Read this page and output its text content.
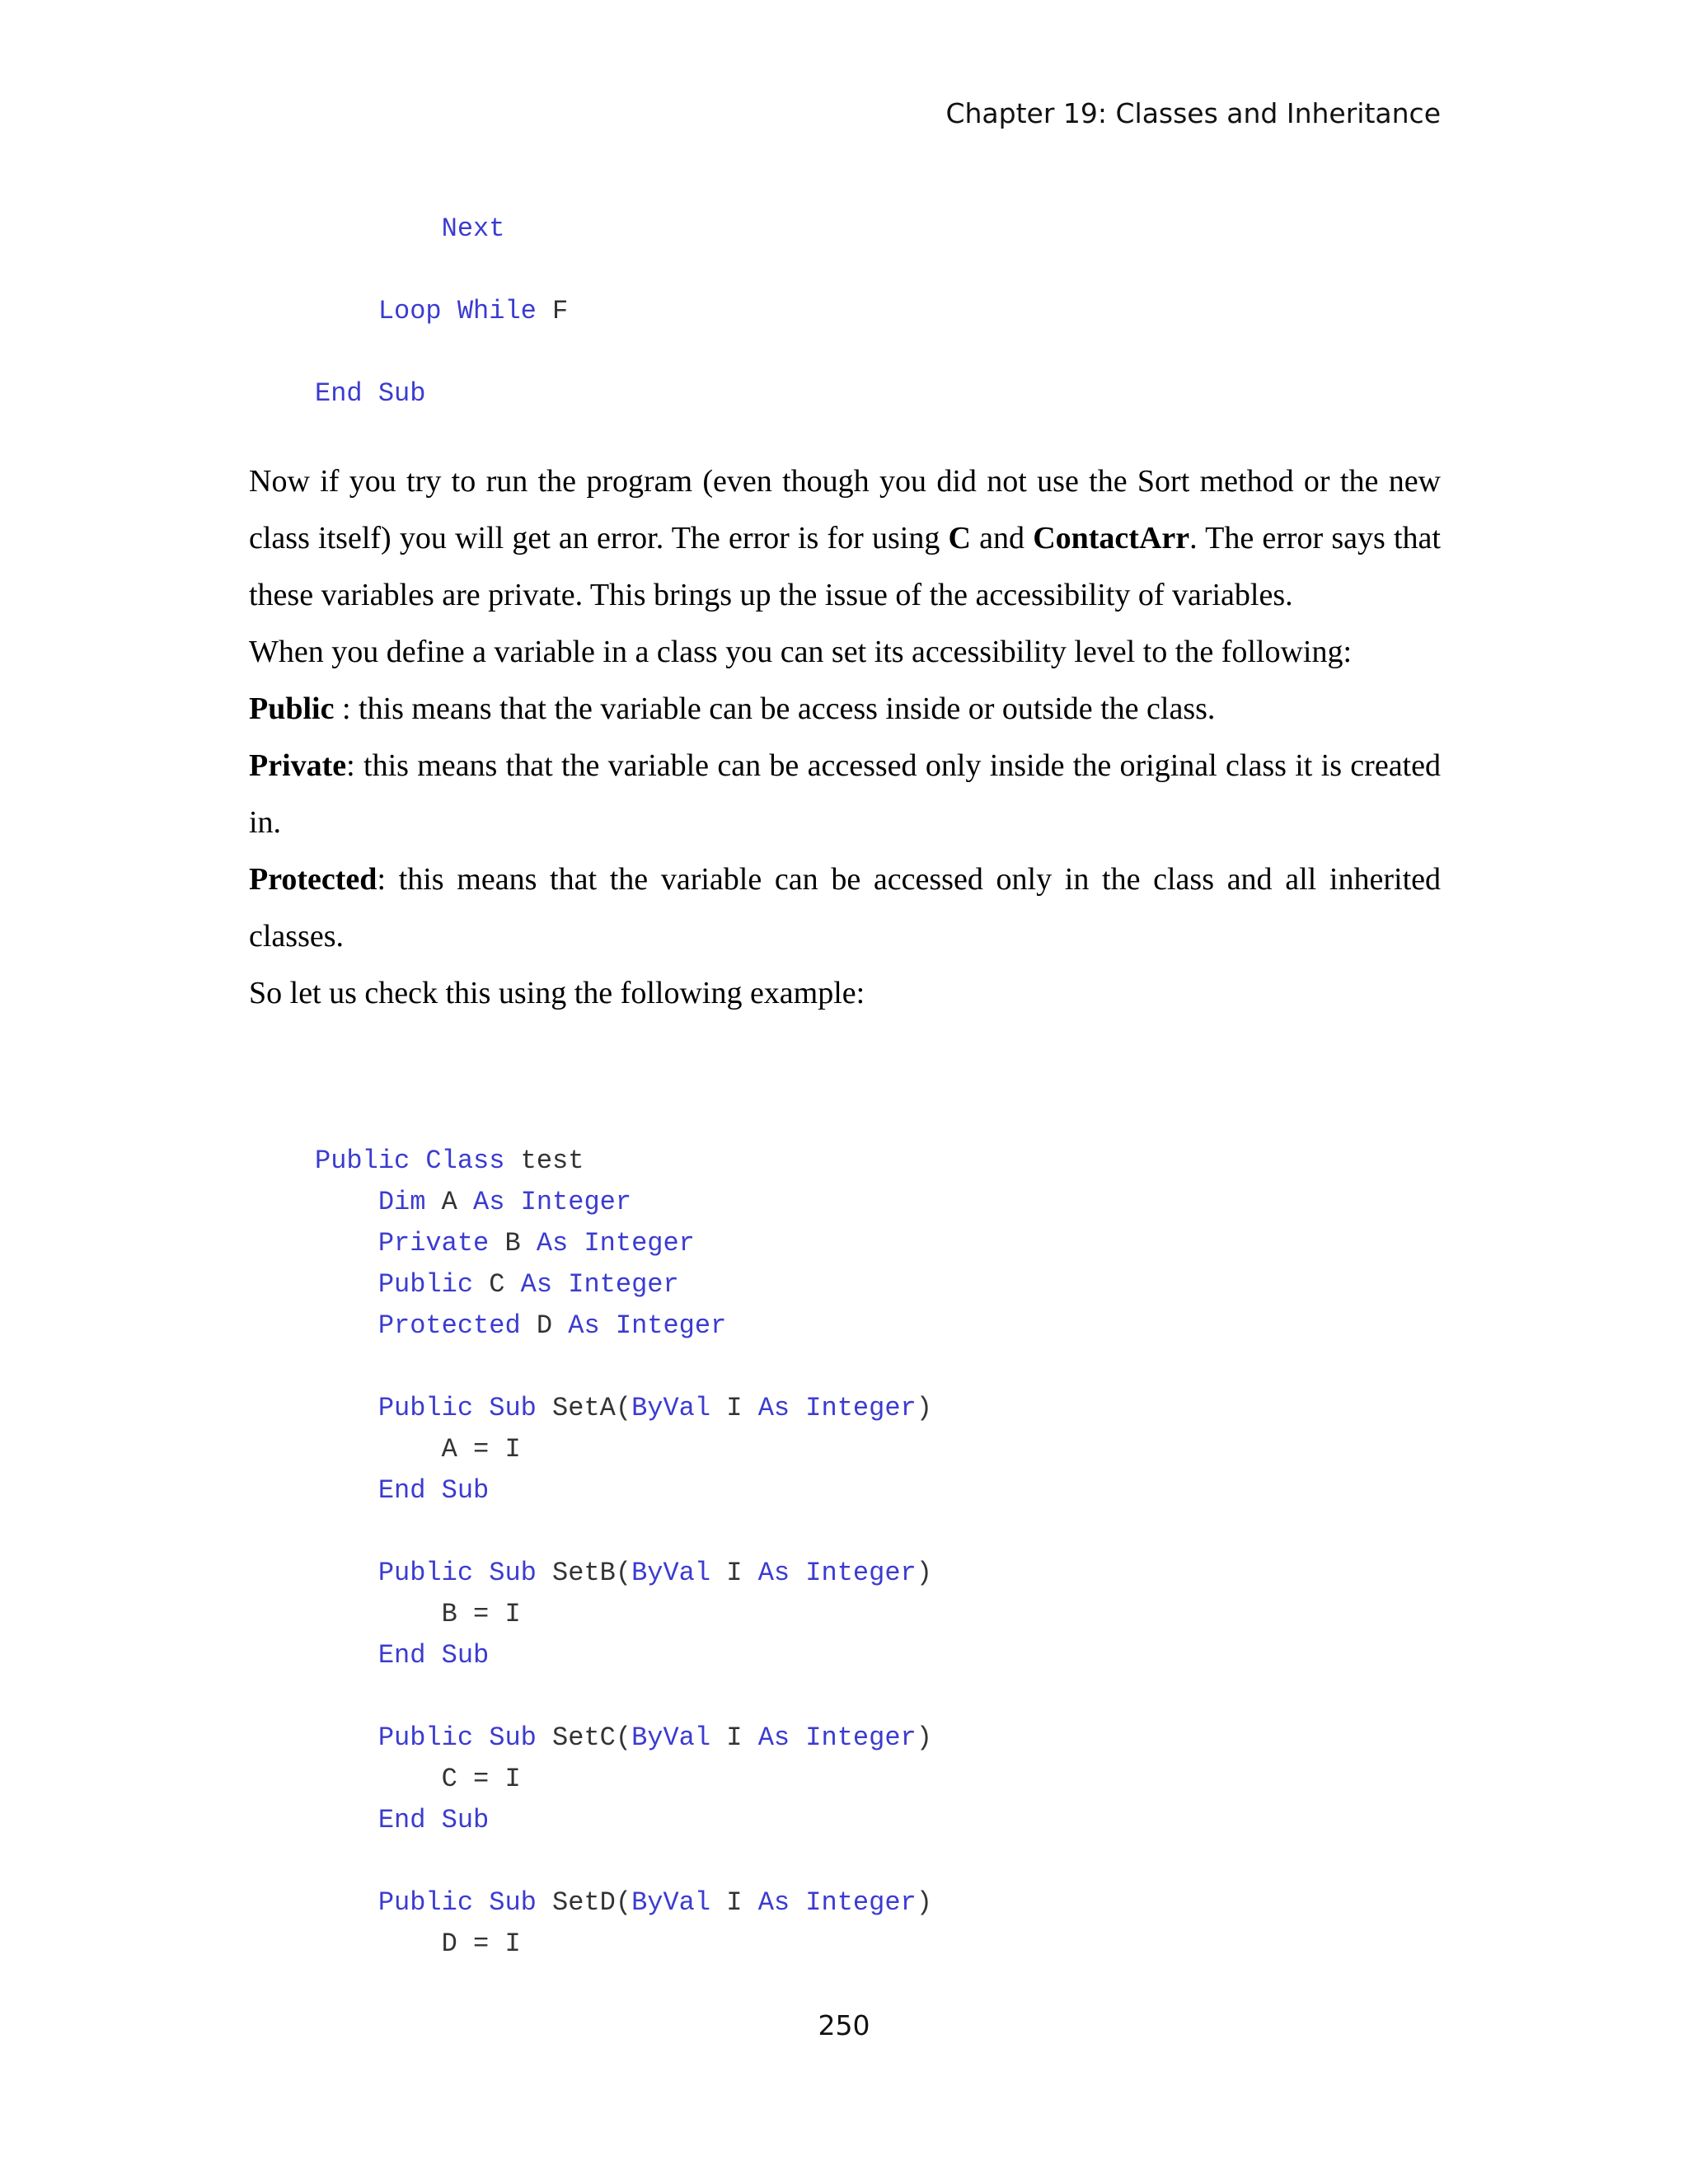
Chapter 19: Classes and Inheritance
Next
Loop While F
End Sub

Now if you try to run the program (even though you did not use the Sort method or the new class itself) you will get an error. The error is for using C and ContactArr. The error says that these variables are private. This brings up the issue of the accessibility of variables.

When you define a variable in a class you can set its accessibility level to the following:

Public : this means that the variable can be access inside or outside the class.

Private: this means that the variable can be accessed only inside the original class it is created in.

Protected: this means that the variable can be accessed only in the class and all inherited classes.

So let us check this using the following example:

Public Class test
Dim A As Integer
Private B As Integer
Public C As Integer
Protected D As Integer

Public Sub SetA(ByVal I As Integer)
A = I
End Sub

Public Sub SetB(ByVal I As Integer)
B = I
End Sub

Public Sub SetC(ByVal I As Integer)
C = I
End Sub

Public Sub SetD(ByVal I As Integer)
D = I
250
